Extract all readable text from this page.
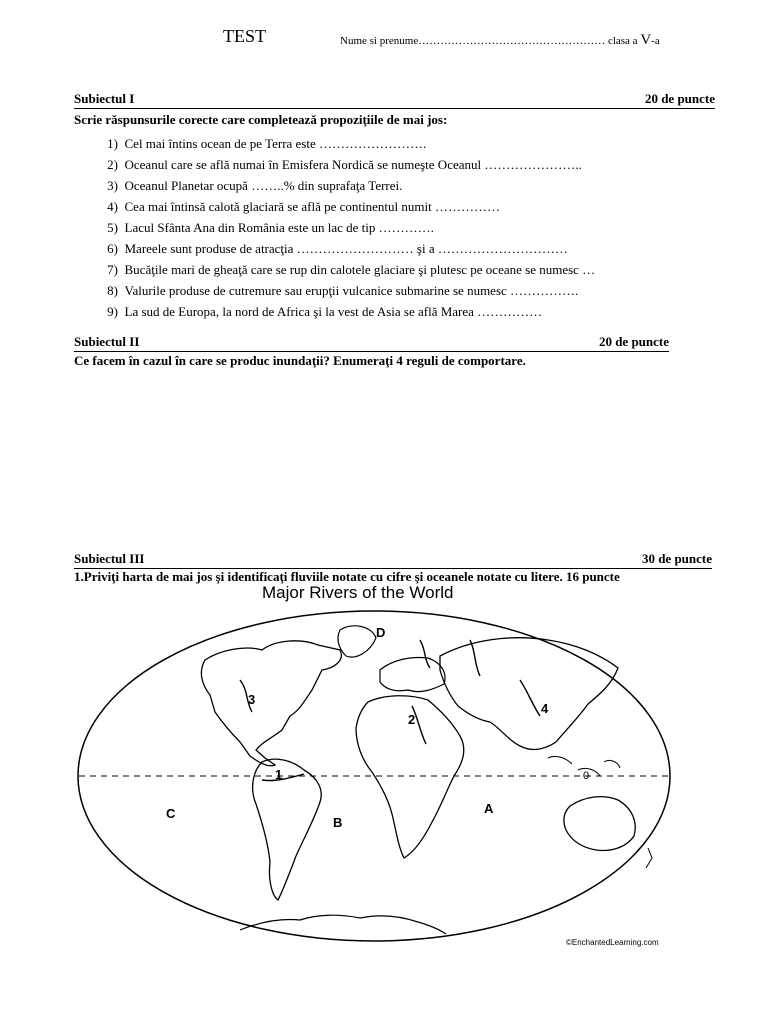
TEST	Nume si prenume…………………………………………… clasa a V-a
Subiectul I	20 de puncte
Scrie răspunsurile corecte care completează propoziţiile de mai jos:
1) Cel mai întins ocean de pe Terra este …………………….
2) Oceanul care se află numai în Emisfera Nordică se numeşte Oceanul …………………..
3) Oceanul Planetar ocupă ……..% din suprafaţa Terrei.
4) Cea mai întinsă calotă glaciară se află pe continentul numit ……………
5) Lacul Sfânta Ana din România este un lac de tip ………….
6) Mareele sunt produse de atracţia ……………………… şi a …………………………
7) Bucăţile mari de gheaţă care se rup din calotele glaciare şi plutesc pe oceane se numesc …
8) Valurile produse de cutremure sau erupţii vulcanice submarine se numesc …………….
9) La sud de Europa, la nord de Africa şi la vest de Asia se află Marea ……………
Subiectul II	20 de puncte
Ce facem în cazul în care se produc inundaţii? Enumeraţi 4 reguli de comportare.
Subiectul III	30 de puncte
1.Priviţi harta de mai jos şi identificaţi fluviile notate cu cifre şi oceanele notate cu litere. 16 puncte
Major Rivers of the World
1
2
3
4
A
B
C
D
0
©EnchantedLearning.com
